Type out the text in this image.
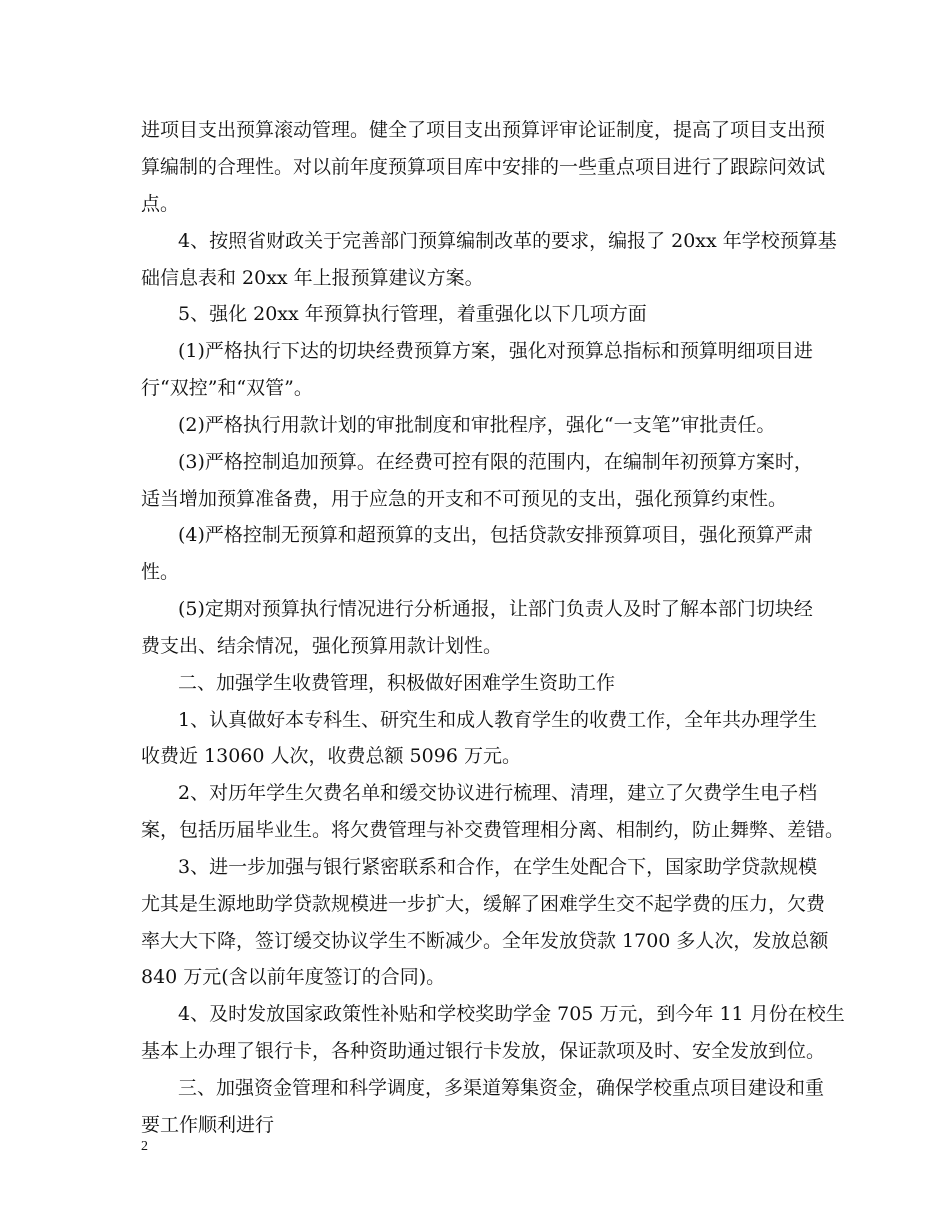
进项目支出预算滚动管理。健全了项目支出预算评审论证制度，提高了项目支出预
算编制的合理性。对以前年度预算项目库中安排的一些重点项目进行了跟踪问效试
点。
4、按照省财政关于完善部门预算编制改革的要求，编报了 20xx 年学校预算基
础信息表和 20xx 年上报预算建议方案。
5、强化 20xx 年预算执行管理，着重强化以下几项方面
(1)严格执行下达的切块经费预算方案，强化对预算总指标和预算明细项目进
行“双控”和“双管”。
(2)严格执行用款计划的审批制度和审批程序，强化“一支笔”审批责任。
(3)严格控制追加预算。在经费可控有限的范围内，在编制年初预算方案时，
适当增加预算准备费，用于应急的开支和不可预见的支出，强化预算约束性。
(4)严格控制无预算和超预算的支出，包括贷款安排预算项目，强化预算严肃
性。
(5)定期对预算执行情况进行分析通报，让部门负责人及时了解本部门切块经
费支出、结余情况，强化预算用款计划性。
二、加强学生收费管理，积极做好困难学生资助工作
1、认真做好本专科生、研究生和成人教育学生的收费工作，全年共办理学生
收费近 13060 人次，收费总额 5096 万元。
2、对历年学生欠费名单和缓交协议进行梳理、清理，建立了欠费学生电子档
案，包括历届毕业生。将欠费管理与补交费管理相分离、相制约，防止舞弊、差错。
3、进一步加强与银行紧密联系和合作，在学生处配合下，国家助学贷款规模
尤其是生源地助学贷款规模进一步扩大，缓解了困难学生交不起学费的压力，欠费
率大大下降，签订缓交协议学生不断减少。全年发放贷款 1700 多人次，发放总额
840 万元(含以前年度签订的合同)。
4、及时发放国家政策性补贴和学校奖助学金 705 万元，到今年 11 月份在校生
基本上办理了银行卡，各种资助通过银行卡发放，保证款项及时、安全发放到位。
三、加强资金管理和科学调度，多渠道筹集资金，确保学校重点项目建设和重
要工作顺利进行
2
